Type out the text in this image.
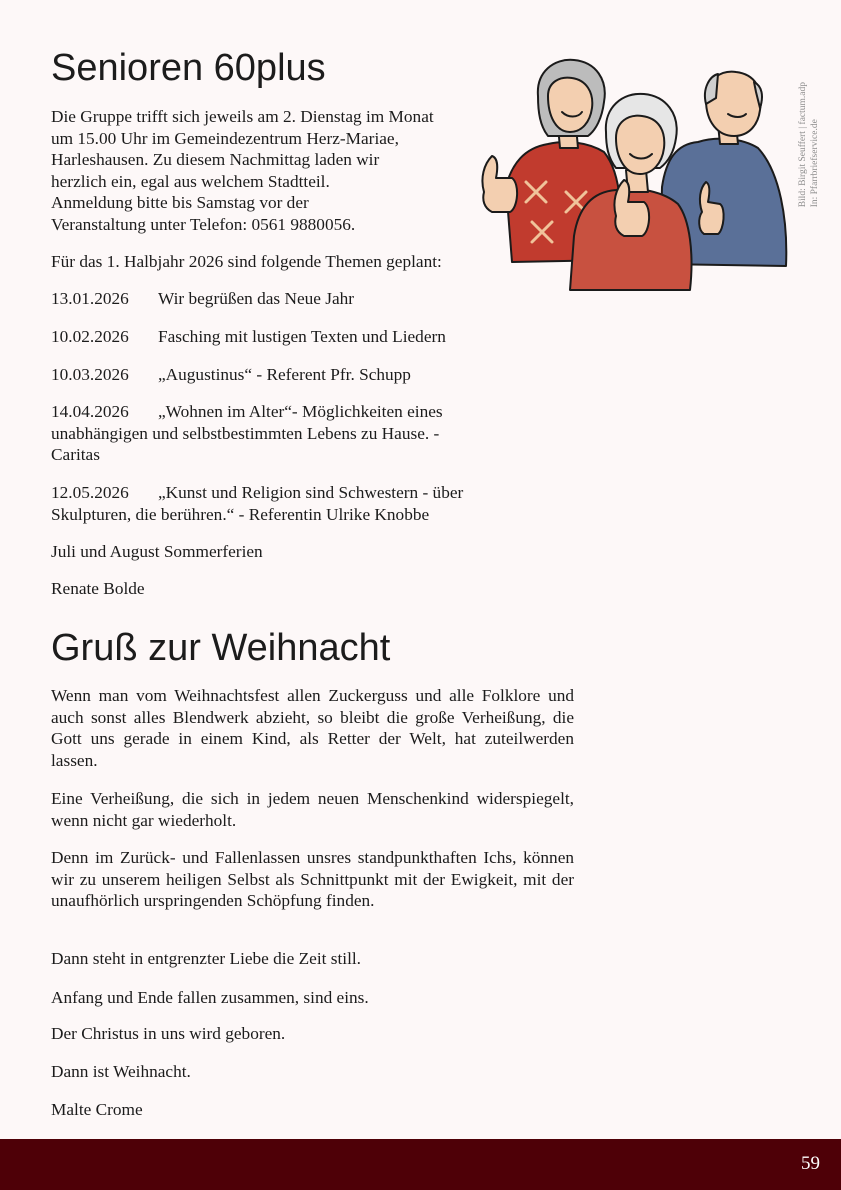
Senioren 60plus

Die Gruppe trifft sich jeweils am 2. Dienstag im Monat
um 15.00 Uhr im Gemeindezentrum Herz-Mariae,
Harleshausen. Zu diesem Nachmittag laden wir
herzlich ein, egal aus welchem Stadtteil.
Anmeldung bitte bis Samstag vor der
Veranstaltung unter Telefon: 0561 9880056.

Für das 1. Halbjahr 2026 sind folgende Themen geplant:

13.01.2026 Wir begrüßen das Neue Jahr

10.02.2026 Fasching mit lustigen Texten und Liedern

10.03.2026 „Augustinus“ - Referent Pfr. Schupp

14.04.2026 „Wohnen im Alter“- Möglichkeiten eines
unabhängigen und selbstbestimmten Lebens zu Hause. -
Caritas

12.05.2026 „Kunst und Religion sind Schwestern - über
Skulpturen, die berühren.“ - Referentin Ulrike Knobbe

Juli und August Sommerferien

Renate Bolde

Bild: Birgit Seuffert | factum.adp In: Pfarrbriefservice.de
Gruß zur Weihnacht

Wenn man vom Weihnachtsfest allen Zuckerguss und alle Folklore und auch sonst alles Blendwerk abzieht, so bleibt die große Verheißung, die Gott uns gerade in einem Kind, als Retter der Welt, hat zuteilwerden lassen.

Eine Verheißung, die sich in jedem neuen Menschenkind widerspiegelt, wenn nicht gar wiederholt.

Denn im Zurück- und Fallenlassen unsres standpunkthaften Ichs, können wir zu unserem heiligen Selbst als Schnittpunkt mit der Ewigkeit, mit der unaufhörlich urspringenden Schöpfung finden.

Dann steht in entgrenzter Liebe die Zeit still.

Anfang und Ende fallen zusammen, sind eins.

Der Christus in uns wird geboren.

Dann ist Weihnacht.

Malte Crome

59
